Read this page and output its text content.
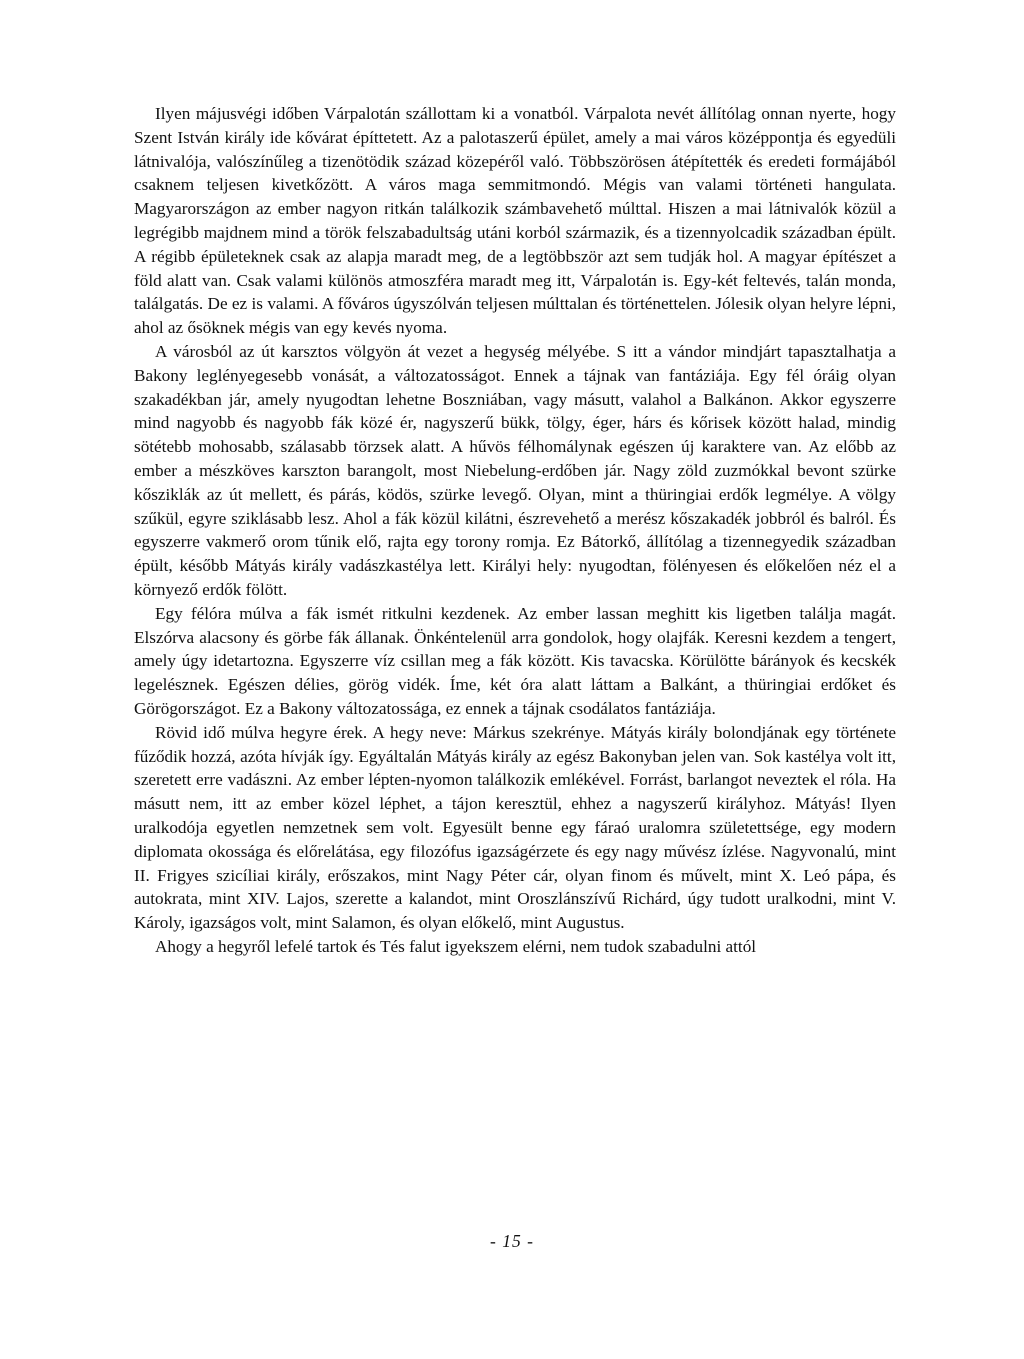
Ilyen májusvégi időben Várpalotán szállottam ki a vonatból. Várpalota nevét állítólag onnan nyerte, hogy Szent István király ide kővárat építtetett. Az a palotaszerű épület, amely a mai város középpontja és egyedüli látnivalója, valószínűleg a tizenötödik század közepéről való. Többszörösen átépítették és eredeti formájából csaknem teljesen kivetkőzött. A város maga semmitmondó. Mégis van valami történeti hangulata. Magyarországon az ember nagyon ritkán találkozik számbavehető múlttal. Hiszen a mai látnivalók közül a legrégibb majdnem mind a török felszabadultság utáni korból származik, és a tizennyolcadik században épült. A régibb épületeknek csak az alapja maradt meg, de a legtöbbször azt sem tudják hol. A magyar építészet a föld alatt van. Csak valami különös atmoszféra maradt meg itt, Várpalotán is. Egy-két feltevés, talán monda, találgatás. De ez is valami. A főváros úgyszólván teljesen múlttalan és történettelen. Jólesik olyan helyre lépni, ahol az ősöknek mégis van egy kevés nyoma.

A városból az út karsztos völgyön át vezet a hegység mélyébe. S itt a vándor mindjárt tapasztalhatja a Bakony leglényegesebb vonását, a változatosságot. Ennek a tájnak van fantáziája. Egy fél óráig olyan szakadékban jár, amely nyugodtan lehetne Boszniában, vagy másutt, valahol a Balkánon. Akkor egyszerre mind nagyobb és nagyobb fák közé ér, nagyszerű bükk, tölgy, éger, hárs és kőrisek között halad, mindig sötétebb mohosabb, szálasabb törzsek alatt. A hűvös félhomálynak egészen új karaktere van. Az előbb az ember a mészköves karszton barangolt, most Niebelung-erdőben jár. Nagy zöld zuzmókkal bevont szürke kősziklák az út mellett, és párás, ködös, szürke levegő. Olyan, mint a thüringiai erdők legmélye. A völgy szűkül, egyre sziklásabb lesz. Ahol a fák közül kilátni, észrevehető a merész kőszakadék jobbról és balról. És egyszerre vakmerő orom tűnik elő, rajta egy torony romja. Ez Bátorkő, állítólag a tizennegyedik században épült, később Mátyás király vadászkastélya lett. Királyi hely: nyugodtan, fölényesen és előkelően néz el a környező erdők fölött.

Egy félóra múlva a fák ismét ritkulni kezdenek. Az ember lassan meghitt kis ligetben találja magát. Elszórva alacsony és görbe fák állanak. Önkéntelenül arra gondolok, hogy olajfák. Keresni kezdem a tengert, amely úgy idetartozna. Egyszerre víz csillan meg a fák között. Kis tavacska. Körülötte bárányok és kecskék legelésznek. Egészen délies, görög vidék. Íme, két óra alatt láttam a Balkánt, a thüringiai erdőket és Görögországot. Ez a Bakony változatossága, ez ennek a tájnak csodálatos fantáziája.

Rövid idő múlva hegyre érek. A hegy neve: Márkus szekrénye. Mátyás király bolondjának egy története fűződik hozzá, azóta hívják így. Egyáltalán Mátyás király az egész Bakonyban jelen van. Sok kastélya volt itt, szeretett erre vadászni. Az ember lépten-nyomon találkozik emlékével. Forrást, barlangot neveztek el róla. Ha másutt nem, itt az ember közel léphet, a tájon keresztül, ehhez a nagyszerű királyhoz. Mátyás! Ilyen uralkodója egyetlen nemzetnek sem volt. Egyesült benne egy fáraó uralomra születettsége, egy modern diplomata okossága és előrelátása, egy filozófus igazságérzete és egy nagy művész ízlése. Nagyvonalú, mint II. Frigyes szicíliai király, erőszakos, mint Nagy Péter cár, olyan finom és művelt, mint X. Leó pápa, és autokrata, mint XIV. Lajos, szerette a kalandot, mint Oroszlánszívű Richárd, úgy tudott uralkodni, mint V. Károly, igazságos volt, mint Salamon, és olyan előkelő, mint Augustus.

Ahogy a hegyről lefelé tartok és Tés falut igyekszem elérni, nem tudok szabadulni attól

- 15 -
